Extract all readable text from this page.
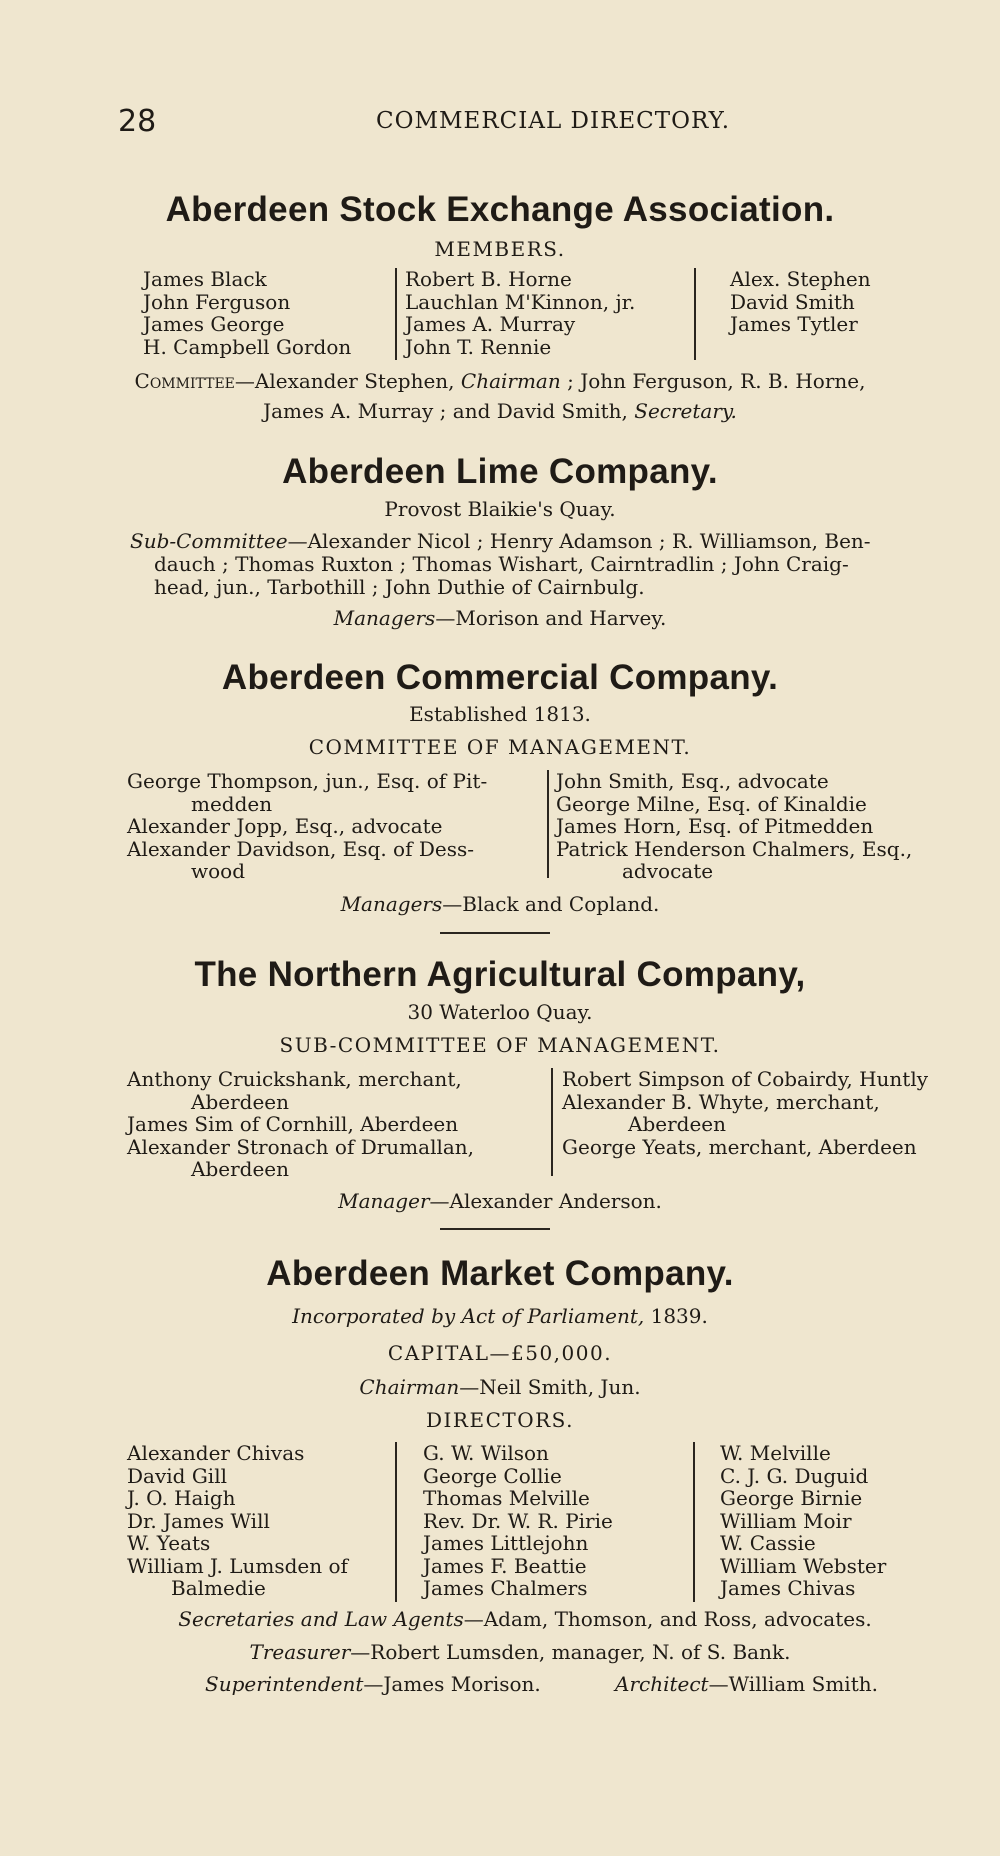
28	COMMERCIAL DIRECTORY.
Aberdeen Stock Exchange Association.
MEMBERS.
James Black
John Ferguson
James George
H. Campbell Gordon
Robert B. Horne
Lauchlan M'Kinnon, jr.
James A. Murray
John T. Rennie
Alex. Stephen
David Smith
James Tytler
Committee—Alexander Stephen, Chairman ; John Ferguson, R. B. Horne,
James A. Murray ; and David Smith, Secretary.
Aberdeen Lime Company.
Provost Blaikie's Quay.
Sub-Committee—Alexander Nicol ; Henry Adamson ; R. Williamson, Ben-
dauch ; Thomas Ruxton ; Thomas Wishart, Cairntradlin ; John Craig-
head, jun., Tarbothill ; John Duthie of Cairnbulg.
Managers—Morison and Harvey.
Aberdeen Commercial Company.
Established 1813.
COMMITTEE OF MANAGEMENT.
George Thompson, jun., Esq. of Pit-
medden
Alexander Jopp, Esq., advocate
Alexander Davidson, Esq. of Dess-
wood
John Smith, Esq., advocate
George Milne, Esq. of Kinaldie
James Horn, Esq. of Pitmedden
Patrick Henderson Chalmers, Esq.,
advocate
Managers—Black and Copland.
The Northern Agricultural Company,
30 Waterloo Quay.
SUB-COMMITTEE OF MANAGEMENT.
Anthony Cruickshank, merchant,
Aberdeen
James Sim of Cornhill, Aberdeen
Alexander Stronach of Drumallan,
Aberdeen
Robert Simpson of Cobairdy, Huntly
Alexander B. Whyte, merchant,
Aberdeen
George Yeats, merchant, Aberdeen
Manager—Alexander Anderson.
Aberdeen Market Company.
Incorporated by Act of Parliament, 1839.
CAPITAL—£50,000.
Chairman—Neil Smith, Jun.
DIRECTORS.
Alexander Chivas
David Gill
J. O. Haigh
Dr. James Will
W. Yeats
William J. Lumsden of
Balmedie
G. W. Wilson
George Collie
Thomas Melville
Rev. Dr. W. R. Pirie
James Littlejohn
James F. Beattie
James Chalmers
W. Melville
C. J. G. Duguid
George Birnie
William Moir
W. Cassie
William Webster
James Chivas
Secretaries and Law Agents—Adam, Thomson, and Ross, advocates.
Treasurer—Robert Lumsden, manager, N. of S. Bank.
Superintendent—James Morison.	Architect—William Smith.
